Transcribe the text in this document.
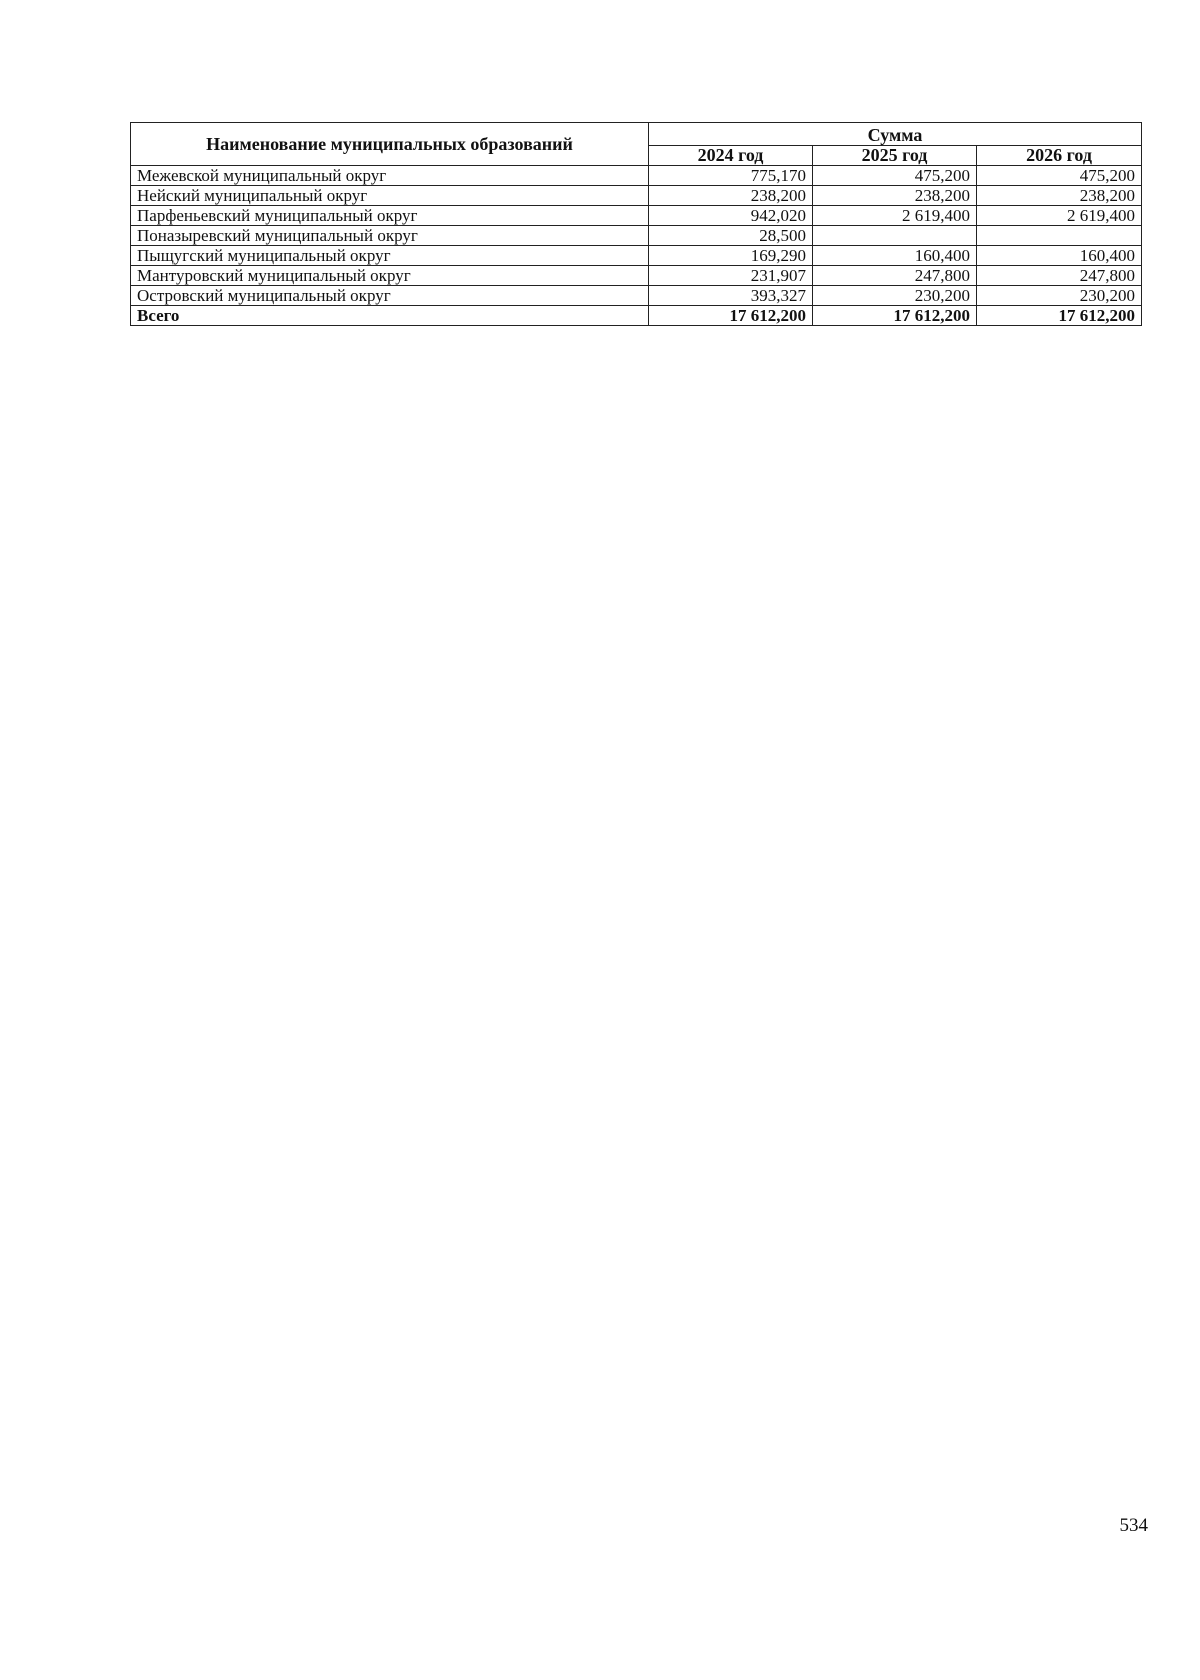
Наименование муниципальных образований	Сумма		
	2024 год	2025 год	2026 год
Межевской муниципальный округ	775,170	475,200	475,200
Нейский муниципальный округ	238,200	238,200	238,200
Парфеньевский муниципальный округ	942,020	2 619,400	2 619,400
Поназыревский муниципальный округ	28,500		
Пыщугский муниципальный округ	169,290	160,400	160,400
Мантуровский муниципальный округ	231,907	247,800	247,800
Островский муниципальный округ	393,327	230,200	230,200
Всего	17 612,200	17 612,200	17 612,200
534
